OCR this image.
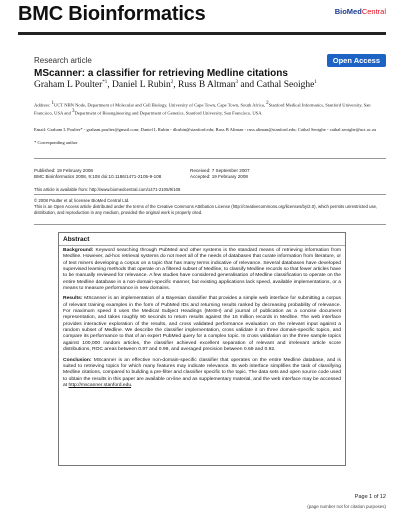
BMC Bioinformatics	BioMedCentral
Research article	Open Access
MScanner: a classifier for retrieving Medline citations
Graham L Poulter$^{*1}$, Daniel L Rubin$^2$, Russ B Altman$^3$ and Cathal Seoighe$^1$
Address: $^1$UCT NBN Node, Department of Molecular and Cell Biology, University of Cape Town, Cape Town, South Africa, $^2$Stanford Medical Informatics, Stanford University, San Francisco, USA and $^3$Department of Bioengineering and Department of Genetics, Stanford University, San Francisco, USA
Email: Graham L Poulter* - graham.poulter@gmail.com; Daniel L Rubin - dlrubin@stanford.edu; Russ B Altman - russ.altman@stanford.edu; Cathal Seoighe - cathal.seoighe@uct.ac.za
* Corresponding author
Published: 19 February 2008
BMC Bioinformatics 2008, 9:108 doi:10.1186/1471-2105-9-108
Received: 7 September 2007
Accepted: 19 February 2008
This article is available from: http://www.biomedcentral.com/1471-2105/9/108
© 2008 Poulter et al; licensee BioMed Central Ltd.
This is an Open Access article distributed under the terms of the Creative Commons Attribution License (http://creativecommons.org/licenses/by/2.0), which permits unrestricted use, distribution, and reproduction in any medium, provided the original work is properly cited.
Abstract

Background: Keyword searching through PubMed and other systems is the standard means of retrieving information from Medline. However, ad-hoc retrieval systems do not meet all of the needs of databases that curate information from literature, or of text miners developing a corpus on a topic that has many terms indicative of relevance. Several databases have developed supervised learning methods that operate on a filtered subset of Medline, to classify Medline records so that fewer articles have to be manually reviewed for relevance. A few studies have considered generalisation of Medline classification to operate on the entire Medline database in a non-domain-specific manner, but existing applications lack speed, available implementations, or a means to measure performance in new domains.

Results: MScanner is an implementation of a Bayesian classifier that provides a simple web interface for submitting a corpus of relevant training examples in the form of PubMed IDs and returning results ranked by decreasing probability of relevance. For maximum speed it uses the Medical Subject Headings (MeSH) and journal of publication as a concise document representation, and takes roughly 90 seconds to return results against the 16 million records in Medline. The web interface provides interactive exploration of the results, and cross validated performance evaluation on the relevant input against a random subset of Medline. We describe the classifier implementation, cross validate it on three domain-specific topics, and compare its performance to that of an expert PubMed query for a complex topic. In cross validation on the three sample topics against 100,000 random articles, the classifier achieved excellent separation of relevant and irrelevant article score distributions, ROC areas between 0.97 and 0.99, and averaged precision between 0.69 and 0.92.

Conclusion: MScanner is an effective non-domain-specific classifier that operates on the entire Medline database, and is suited to retrieving topics for which many features may indicate relevance. Its web interface simplifies the task of classifying Medline citations, compared to building a pre-filter and classifier specific to the topic. The data sets and open source code used to obtain the results in this paper are available on-line and as supplementary material, and the web interface may be accessed at http://mscanner.stanford.edu.

Page 1 of 12
(page number not for citation purposes)
